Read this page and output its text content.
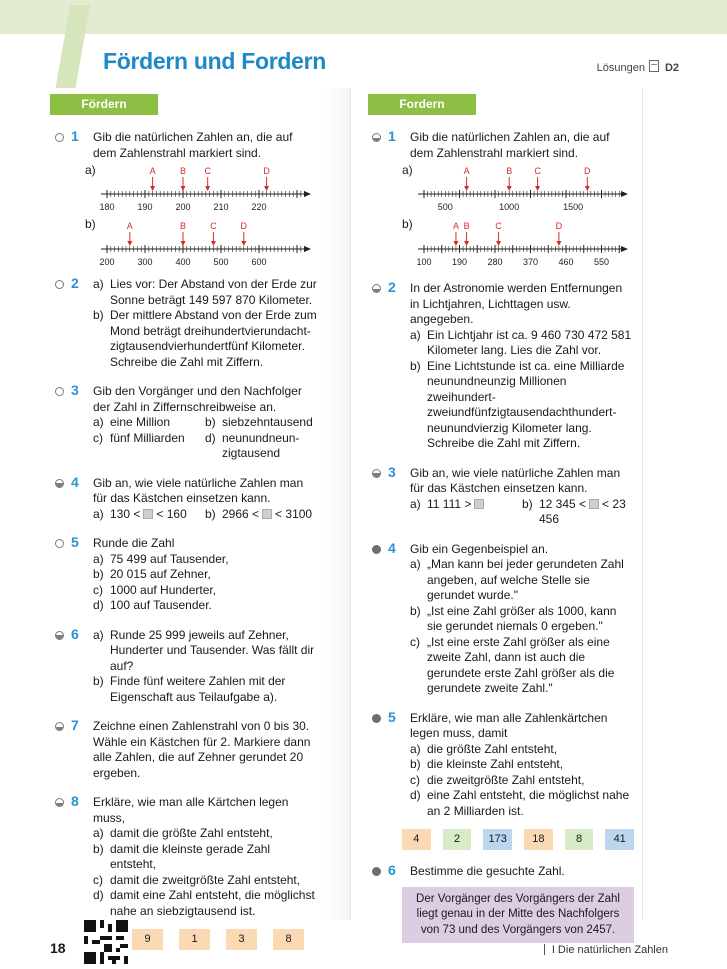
Fördern und Fordern	Lösungen D2
Fördern	Fordern
1 Gib die natürlichen Zahlen an, die auf dem Zahlenstrahl markiert sind.
a)
b)
180	190	200	210	220
A	B C	D
200	300	400	500	600
A	B	C	D
2 a) Lies vor: Der Abstand von der Erde zur Sonne beträgt 149 597 870 Kilometer.
b) Der mittlere Abstand von der Erde zum Mond beträgt dreihundertvierundacht-zigtausendvierhundertfünf Kilometer. Schreibe die Zahl mit Ziffern.
3 Gib den Vorgänger und den Nachfolger der Zahl in Ziffernschreibweise an.
a) eine Million	b) siebzehntausend
c) fünf Milliarden	d) neunundneun-zigtausend
4 Gib an, wie viele natürliche Zahlen man für das Kästchen einsetzen kann.
a) 130 < < 160	b) 2966 < < 3100
5 Runde die Zahl
a) 75 499 auf Tausender,
b) 20 015 auf Zehner,
c) 1000 auf Hunderter,
d) 100 auf Tausender.
6 a) Runde 25 999 jeweils auf Zehner, Hunderter und Tausender. Was fällt dir auf?
b) Finde fünf weitere Zahlen mit der Eigenschaft aus Teilaufgabe a).
7 Zeichne einen Zahlenstrahl von 0 bis 30. Wähle ein Kästchen für 2. Markiere dann alle Zahlen, die auf Zehner gerundet 20 ergeben.
8 Erkläre, wie man alle Kärtchen legen muss,
a) damit die größte Zahl entsteht,
b) damit die kleinste gerade Zahl entsteht,
c) damit die zweitgrößte Zahl entsteht,
d) damit eine Zahl entsteht, die möglichst nahe an siebzigtausend ist.
9	1	3	8
1 Gib die natürlichen Zahlen an, die auf dem Zahlenstrahl markiert sind.
a)
b)
500	1000	1500
A	B C	D
100 190 280 370 460 550
A B	C	D
2 In der Astronomie werden Entfernungen in Lichtjahren, Lichttagen usw. angegeben.
a) Ein Lichtjahr ist ca. 9 460 730 472 581 Kilometer lang. Lies die Zahl vor.
b) Eine Lichtstunde ist ca. eine Milliarde neunundneunzig Millionen zweihundert-zweiundfünfzigtausendachthundert-neunundvierzig Kilometer lang. Schreibe die Zahl mit Ziffern.
3 Gib an, wie viele natürliche Zahlen man für das Kästchen einsetzen kann.
a) 11 111 >	b) 12 345 < < 23 456
4 Gib ein Gegenbeispiel an.
a) „Man kann bei jeder gerundeten Zahl angeben, auf welche Stelle sie gerundet wurde."
b) „Ist eine Zahl größer als 1000, kann sie gerundet niemals 0 ergeben."
c) „Ist eine erste Zahl größer als eine zweite Zahl, dann ist auch die gerundete erste Zahl größer als die gerundete zweite Zahl."
5 Erkläre, wie man alle Zahlenkärtchen legen muss, damit
a) die größte Zahl entsteht,
b) die kleinste Zahl entsteht,
c) die zweitgrößte Zahl entsteht,
d) eine Zahl entsteht, die möglichst nahe an 2 Milliarden ist.
4	2	173	18	8	41
6 Bestimme die gesuchte Zahl.
Der Vorgänger des Vorgängers der Zahl liegt genau in der Mitte des Nachfolgers von 73 und des Vorgängers von 2457.
18	I Die natürlichen Zahlen
